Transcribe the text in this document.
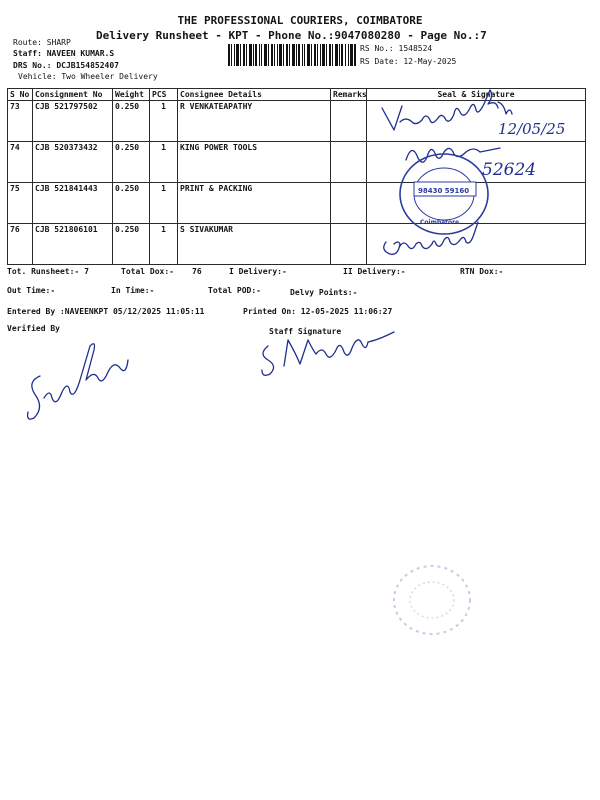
THE PROFESSIONAL COURIERS, COIMBATORE
Delivery Runsheet - KPT - Phone No.:9047080280 - Page No.:7
Route: SHARP
Staff: NAVEEN KUMAR.S
DRS No.: DCJB154852407
Vehicle: Two Wheeler Delivery
RS No.: 1548524
RS Date: 12-May-2025
S No	Consignment No	Weight	PCS	Consignee Details	Remarks	Seal & Signature
73	CJB 521797502	0.250	1	R VENKATEAPATHY		
74	CJB 520373432	0.250	1	KING POWER TOOLS		
75	CJB 521841443	0.250	1	PRINT & PACKING		
76	CJB 521806101	0.250	1	S SIVAKUMAR		
Tot. Runsheet:- 7	Total Dox:- 76	I Delivery:-	II Delivery:-	RTN Dox:-
Out Time:-	In Time:-	Total POD:-	Delvy Points:-
Entered By :NAVEENKPT 05/12/2025 11:05:11	Printed On: 12-05-2025 11:06:27
Verified By	Staff Signature
12/05/25
52624
98430 59160
Coimbatore
